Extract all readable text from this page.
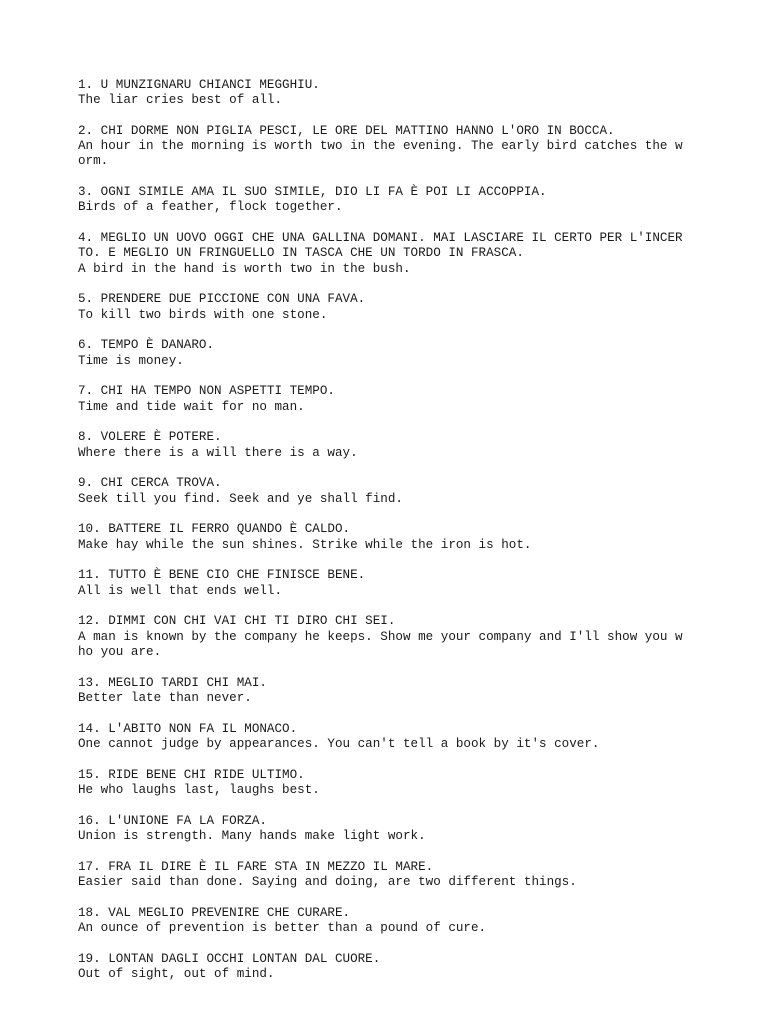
1. U MUNZIGNARU CHIANCI MEGGHIU.
The liar cries best of all.
2. CHI DORME NON PIGLIA PESCI, LE ORE DEL MATTINO HANNO L'ORO IN BOCCA.
An hour in the morning is worth two in the evening. The early bird catches the w
orm.
3. OGNI SIMILE AMA IL SUO SIMILE, DIO LI FA È POI LI ACCOPPIA.
Birds of a feather, flock together.
4. MEGLIO UN UOVO OGGI CHE UNA GALLINA DOMANI. MAI LASCIARE IL CERTO PER L'INCER
TO. E MEGLIO UN FRINGUELLO IN TASCA CHE UN TORDO IN FRASCA.
A bird in the hand is worth two in the bush.
5. PRENDERE DUE PICCIONE CON UNA FAVA.
To kill two birds with one stone.
6. TEMPO È DANARO.
Time is money.
7. CHI HA TEMPO NON ASPETTI TEMPO.
Time and tide wait for no man.
8. VOLERE È POTERE.
Where there is a will there is a way.
9. CHI CERCA TROVA.
Seek till you find. Seek and ye shall find.
10. BATTERE IL FERRO QUANDO È CALDO.
Make hay while the sun shines. Strike while the iron is hot.
11. TUTTO È BENE CIO CHE FINISCE BENE.
All is well that ends well.
12. DIMMI CON CHI VAI CHI TI DIRO CHI SEI.
A man is known by the company he keeps. Show me your company and I'll show you w
ho you are.
13. MEGLIO TARDI CHI MAI.
Better late than never.
14. L'ABITO NON FA IL MONACO.
One cannot judge by appearances. You can't tell a book by it's cover.
15. RIDE BENE CHI RIDE ULTIMO.
He who laughs last, laughs best.
16. L'UNIONE FA LA FORZA.
Union is strength. Many hands make light work.
17. FRA IL DIRE È IL FARE STA IN MEZZO IL MARE.
Easier said than done. Saying and doing, are two different things.
18. VAL MEGLIO PREVENIRE CHE CURARE.
An ounce of prevention is better than a pound of cure.
19. LONTAN DAGLI OCCHI LONTAN DAL CUORE.
Out of sight, out of mind.
